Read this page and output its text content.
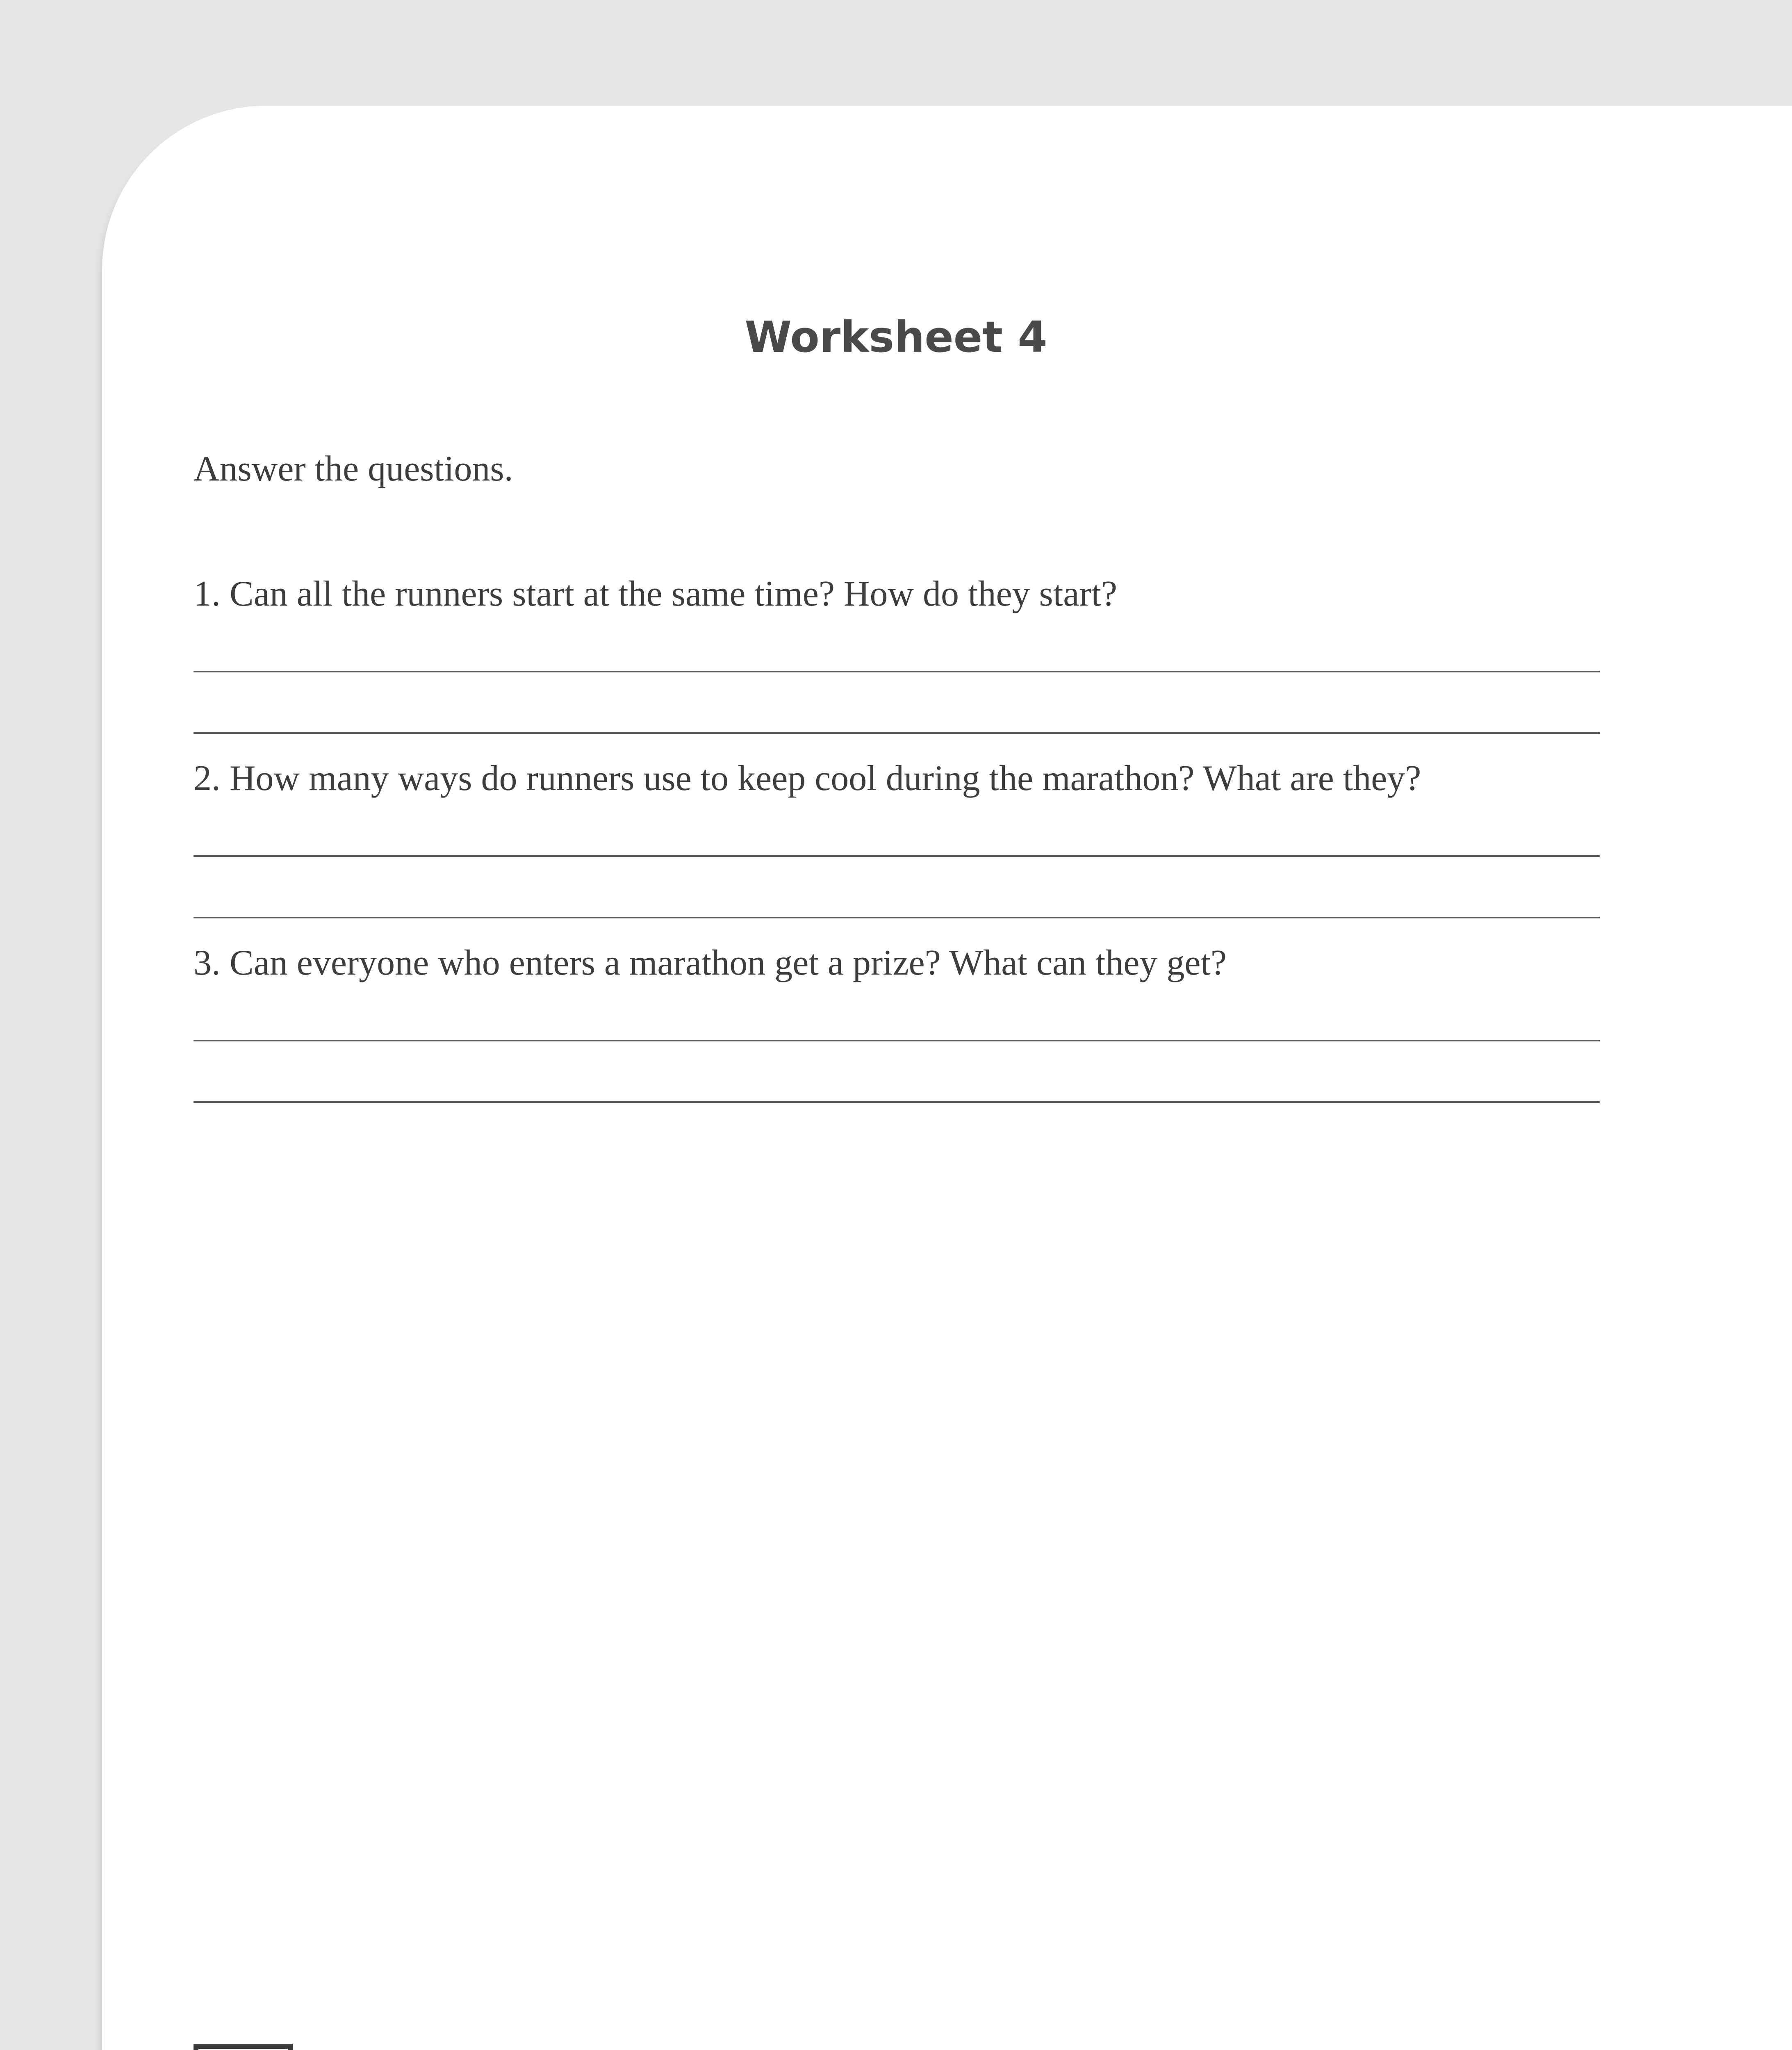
Worksheet 4
Answer the questions.
1. Can all the runners start at the same time? How do they start?
2. How many ways do runners use to keep cool during the marathon? What are they?
3. Can everyone who enters a marathon get a prize? What can they get?
